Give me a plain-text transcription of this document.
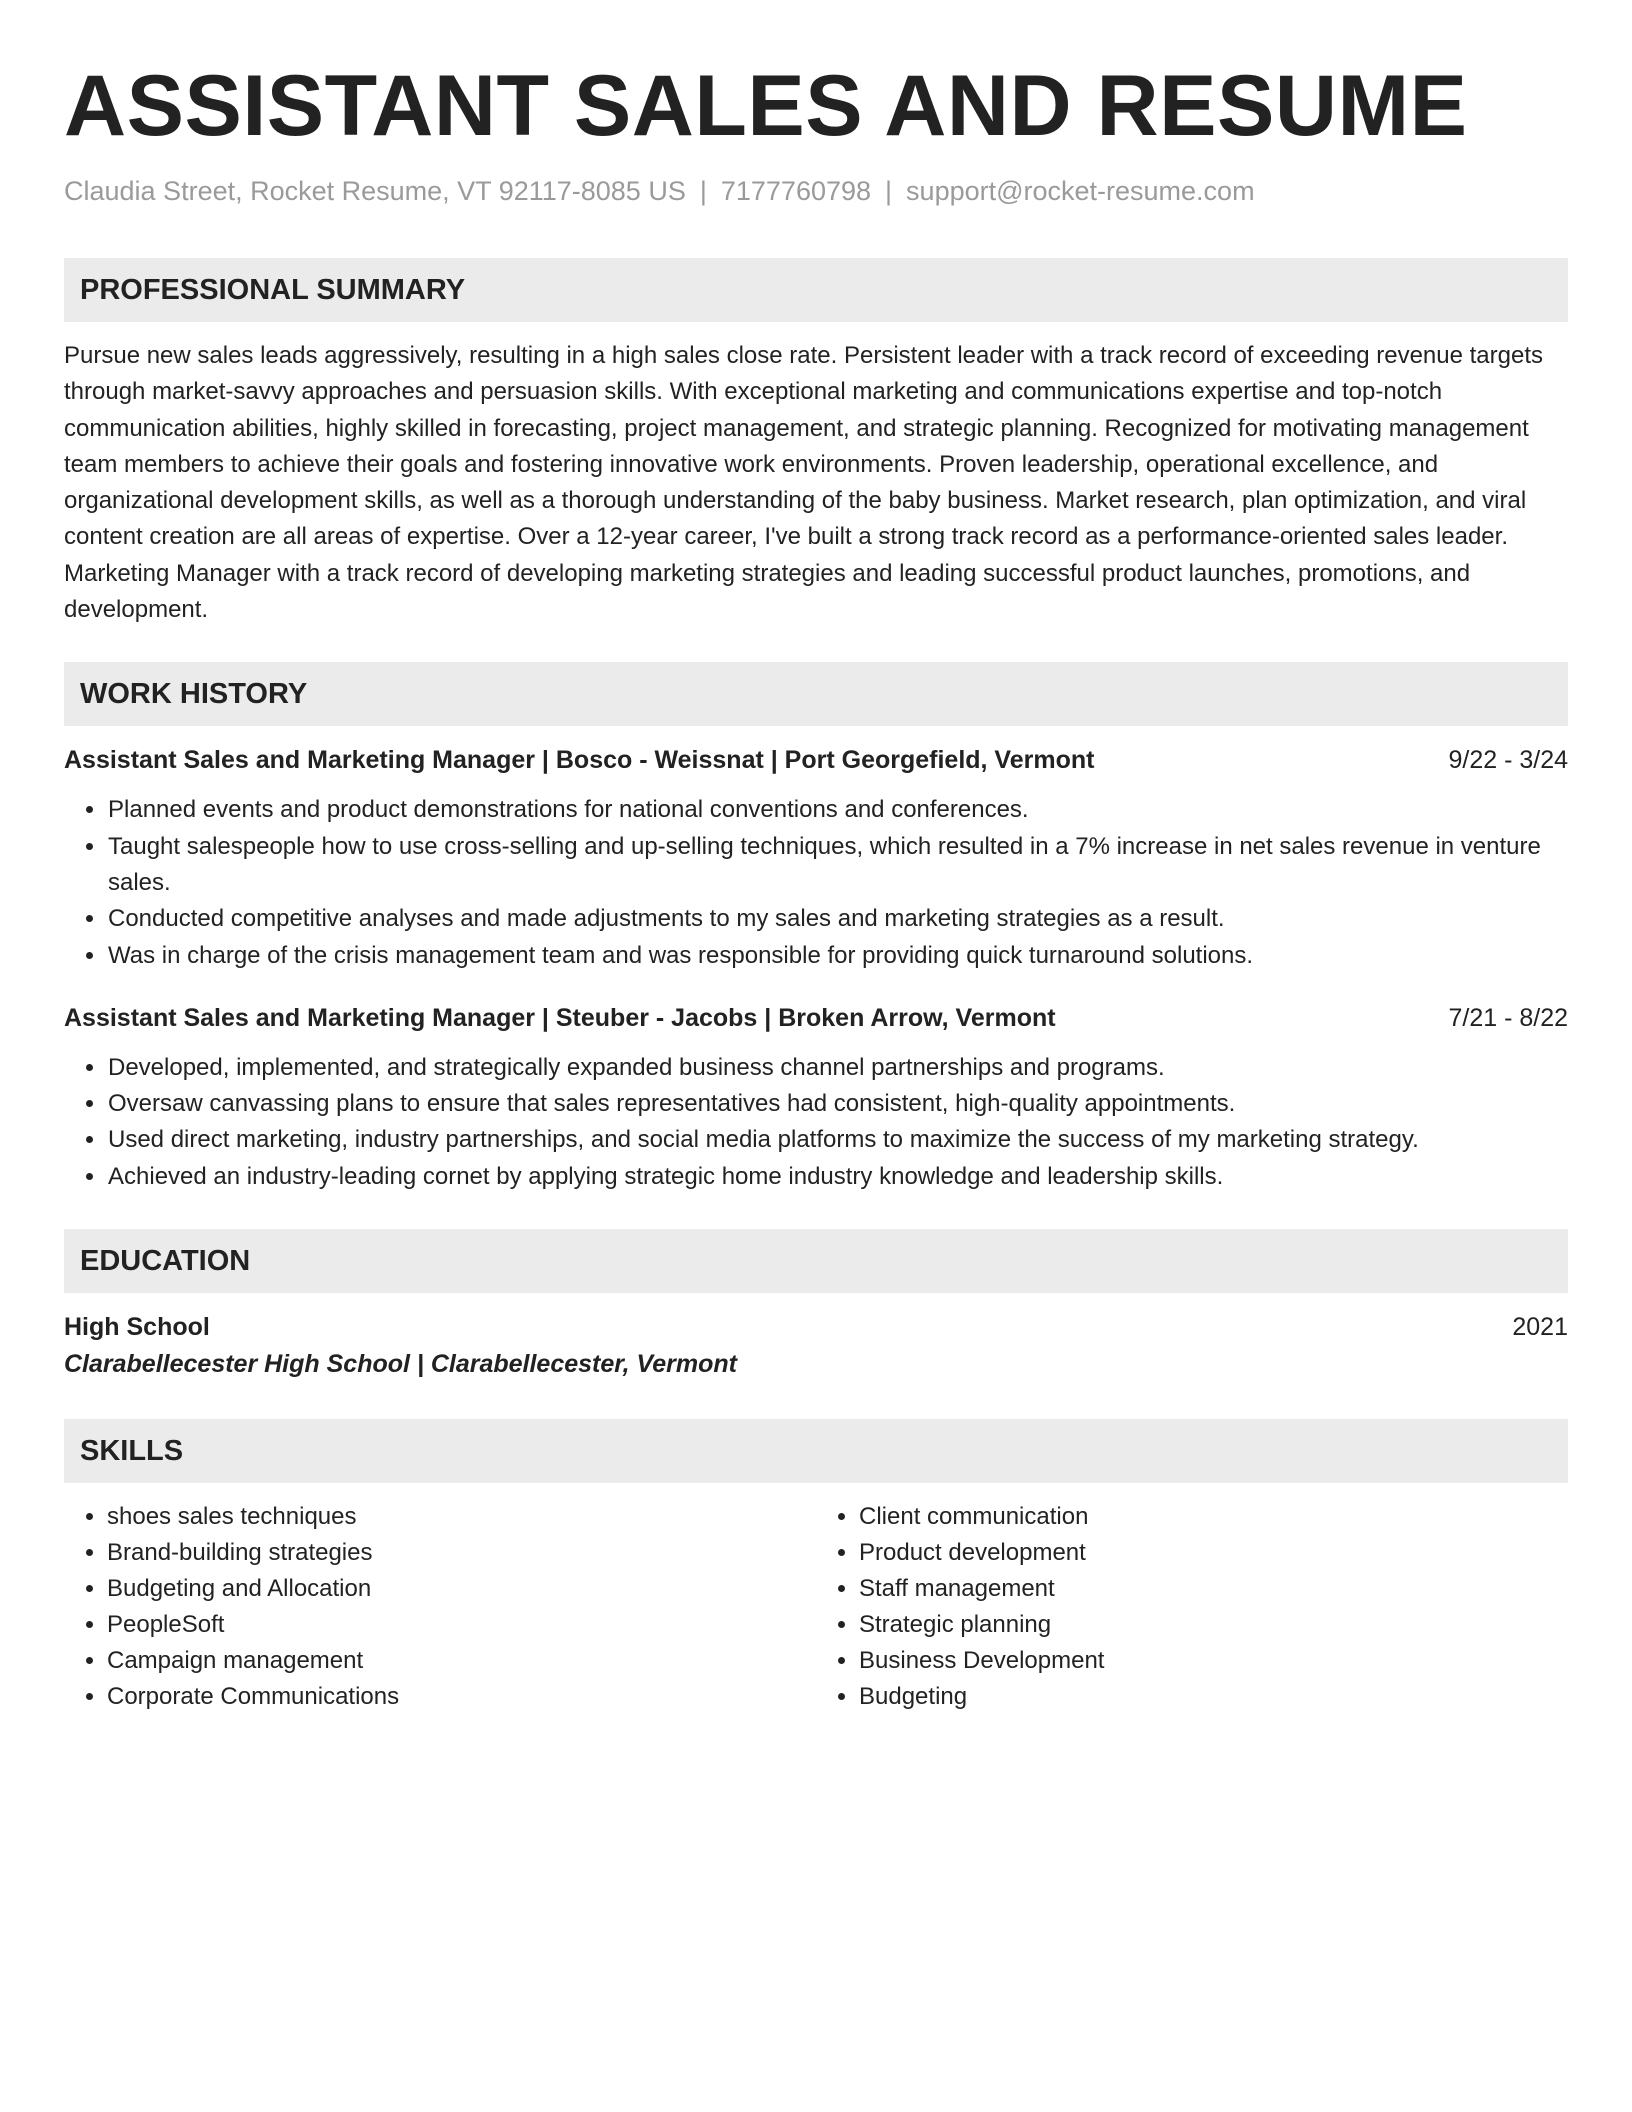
ASSISTANT SALES AND RESUME
Claudia Street, Rocket Resume, VT 92117-8085 US | 7177760798 | support@rocket-resume.com
PROFESSIONAL SUMMARY

Pursue new sales leads aggressively, resulting in a high sales close rate. Persistent leader with a track record of exceeding revenue targets through market-savvy approaches and persuasion skills. With exceptional marketing and communications expertise and top-notch communication abilities, highly skilled in forecasting, project management, and strategic planning. Recognized for motivating management team members to achieve their goals and fostering innovative work environments. Proven leadership, operational excellence, and organizational development skills, as well as a thorough understanding of the baby business. Market research, plan optimization, and viral content creation are all areas of expertise. Over a 12-year career, I've built a strong track record as a performance-oriented sales leader. Marketing Manager with a track record of developing marketing strategies and leading successful product launches, promotions, and development.

WORK HISTORY
Assistant Sales and Marketing Manager | Bosco - Weissnat | Port Georgefield, Vermont	9/22 - 3/24
• Planned events and product demonstrations for national conventions and conferences.
• Taught salespeople how to use cross-selling and up-selling techniques, which resulted in a 7% increase in net sales revenue in venture sales.
• Conducted competitive analyses and made adjustments to my sales and marketing strategies as a result.
• Was in charge of the crisis management team and was responsible for providing quick turnaround solutions.
Assistant Sales and Marketing Manager | Steuber - Jacobs | Broken Arrow, Vermont	7/21 - 8/22
• Developed, implemented, and strategically expanded business channel partnerships and programs.
• Oversaw canvassing plans to ensure that sales representatives had consistent, high-quality appointments.
• Used direct marketing, industry partnerships, and social media platforms to maximize the success of my marketing strategy.
• Achieved an industry-leading cornet by applying strategic home industry knowledge and leadership skills.
EDUCATION
High School	2021
Clarabellecester High School | Clarabellecester, Vermont
SKILLS
• shoes sales techniques
• Brand-building strategies
• Budgeting and Allocation
• PeopleSoft
• Campaign management
• Corporate Communications
• Client communication
• Product development
• Staff management
• Strategic planning
• Business Development
• Budgeting
